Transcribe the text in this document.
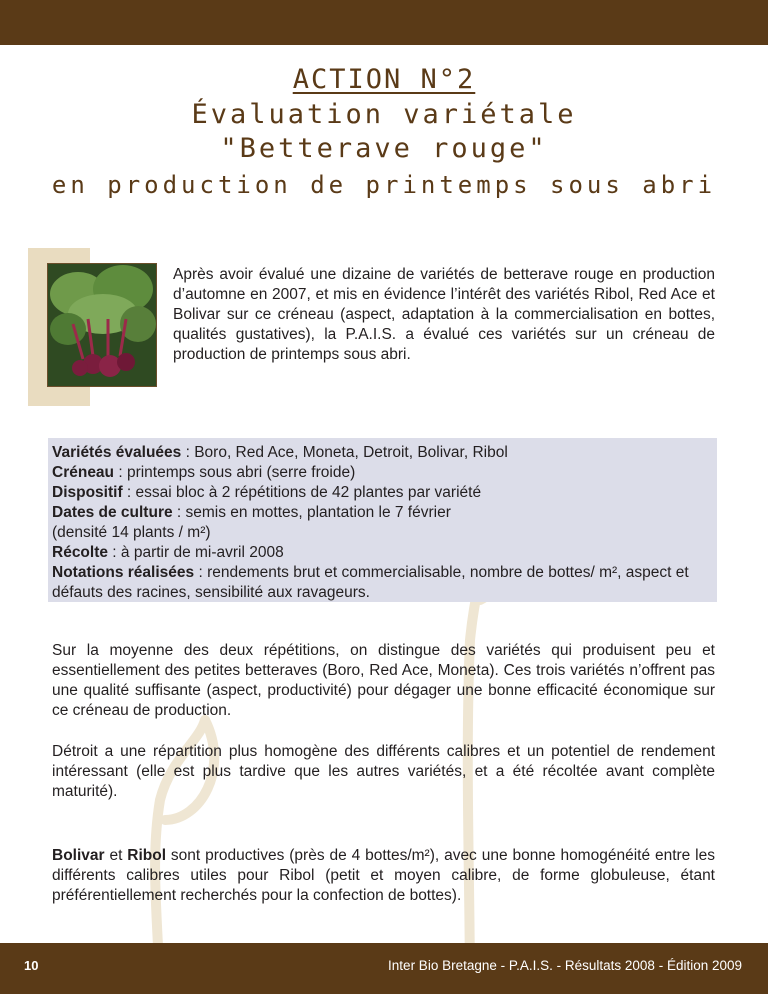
ACTION N°2
Évaluation variétale
"Betterave rouge"
en production de printemps sous abri
Après avoir évalué une dizaine de variétés de betterave rouge en production d’automne en 2007, et mis en évidence l’intérêt des variétés Ribol, Red Ace et Bolivar sur ce créneau (aspect, adaptation à la commercialisation en bottes, qualités gustatives), la P.A.I.S. a évalué ces variétés sur un créneau de production de printemps sous abri.
Variétés évaluées : Boro, Red Ace, Moneta, Detroit, Bolivar, Ribol
Créneau : printemps sous abri (serre froide)
Dispositif : essai bloc à 2 répétitions de 42 plantes par variété
Dates de culture : semis en mottes, plantation le 7 février
(densité 14 plants / m²)
Récolte : à partir de mi-avril 2008
Notations réalisées : rendements brut et commercialisable, nombre de bottes/ m², aspect et défauts des racines, sensibilité aux ravageurs.
Sur la moyenne des deux répétitions, on distingue des variétés qui produisent peu et essentiellement des petites betteraves (Boro, Red Ace, Moneta). Ces trois variétés n’offrent pas une qualité suffisante (aspect, productivité) pour dégager une bonne efficacité économique sur ce créneau de production.
Détroit a une répartition plus homogène des différents calibres et un potentiel de rendement intéressant (elle est plus tardive que les autres variétés, et a été récoltée avant complète maturité).
Bolivar et Ribol sont productives (près de 4 bottes/m²), avec une bonne homogénéité entre les différents calibres utiles pour Ribol (petit et moyen calibre, de forme globuleuse, étant préférentiellement recherchés pour la confection de bottes).
10	Inter Bio Bretagne - P.A.I.S. - Résultats 2008 - Édition 2009
